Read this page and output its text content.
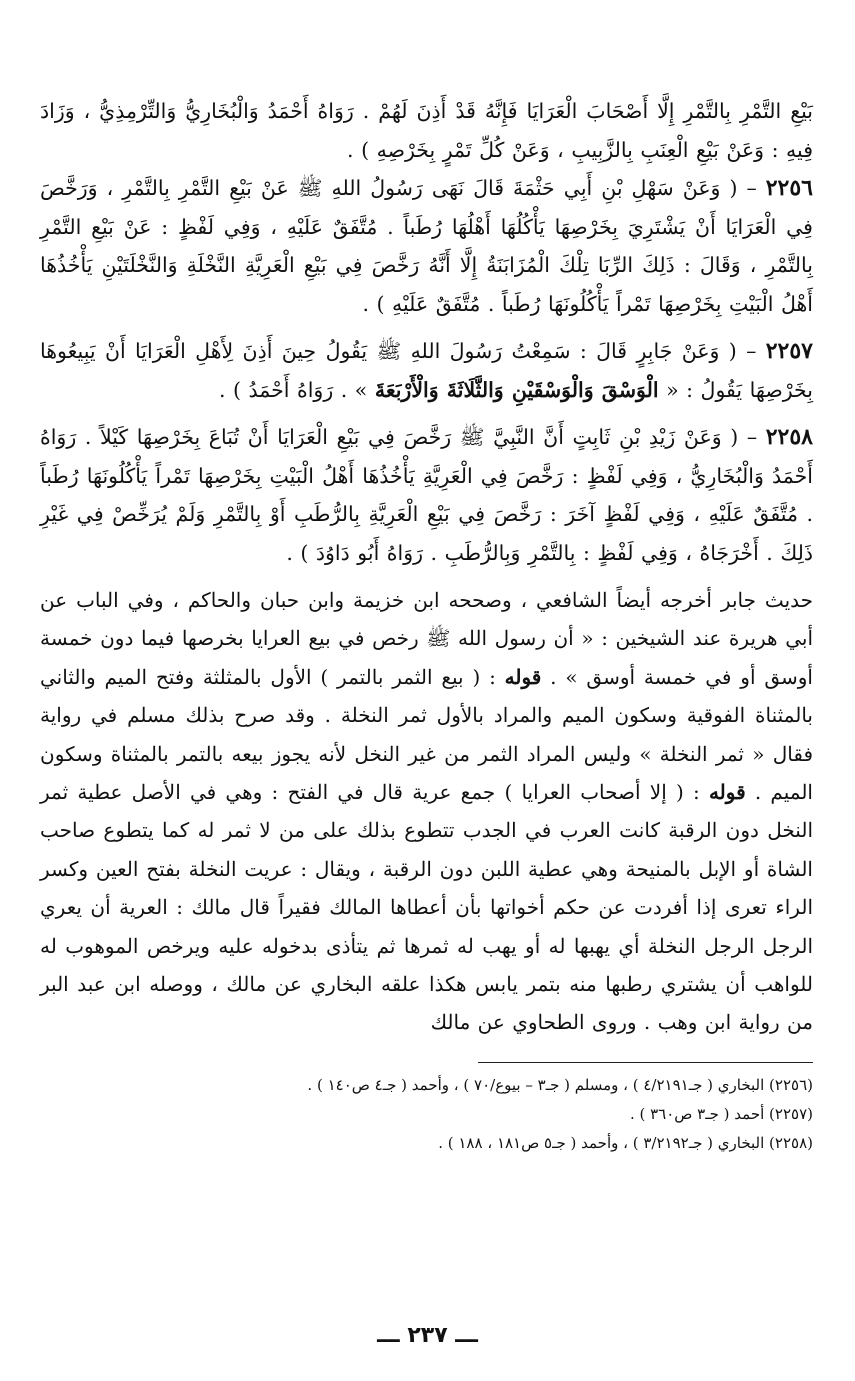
بَيْعِ التَّمْرِ بِالتَّمْرِ إِلَّا أَصْحَابَ الْعَرَايَا فَإِنَّهُ قَدْ أَذِنَ لَهُمْ . رَوَاهُ أَحْمَدُ وَالْبُخَارِيُّ وَالتِّرْمِذِيُّ ، وَزَادَ فِيهِ : وَعَنْ بَيْعِ الْعِنَبِ بِالزَّبِيبِ ، وَعَنْ كُلِّ تَمْرٍ بِخَرْصِهِ ) .

٢٢٥٦ – ( وَعَنْ سَهْلِ بْنِ أَبِي حَثْمَةَ قَالَ نَهَى رَسُولُ اللهِ ﷺ عَنْ بَيْعِ التَّمْرِ بِالتَّمْرِ ، وَرَخَّصَ فِي الْعَرَايَا أَنْ يَشْتَرِيَ بِخَرْصِهَا يَأْكُلُهَا أَهْلُهَا رُطَباً . مُتَّفَقٌ عَلَيْهِ ، وَفِي لَفْظٍ : عَنْ بَيْعِ التَّمْرِ بِالتَّمْرِ ، وَقَالَ : ذَلِكَ الرِّبَا تِلْكَ الْمُزَابَنَةُ إِلَّا أَنَّهُ رَخَّصَ فِي بَيْعِ الْعَرِيَّةِ النَّخْلَةِ وَالنَّخْلَتَيْنِ يَأْخُذُهَا أَهْلُ الْبَيْتِ بِخَرْصِهَا تَمْراً يَأْكُلُونَهَا رُطَباً . مُتَّفَقٌ عَلَيْهِ ) .

٢٢٥٧ – ( وَعَنْ جَابِرٍ قَالَ : سَمِعْتُ رَسُولَ اللهِ ﷺ يَقُولُ حِينَ أَذِنَ لِأَهْلِ الْعَرَايَا أَنْ يَبِيعُوهَا بِخَرْصِهَا يَقُولُ : « الْوَسْقَ وَالْوَسْقَيْنِ وَالثَّلَاثَةَ وَالْأَرْبَعَةَ » . رَوَاهُ أَحْمَدُ ) .

٢٢٥٨ – ( وَعَنْ زَيْدِ بْنِ ثَابِتٍ أَنَّ النَّبِيَّ ﷺ رَخَّصَ فِي بَيْعِ الْعَرَايَا أَنْ تُبَاعَ بِخَرْصِهَا كَيْلاً . رَوَاهُ أَحْمَدُ وَالْبُخَارِيُّ ، وَفِي لَفْظٍ : رَخَّصَ فِي الْعَرِيَّةِ يَأْخُذُهَا أَهْلُ الْبَيْتِ بِخَرْصِهَا تَمْراً يَأْكُلُونَهَا رُطَباً . مُتَّفَقٌ عَلَيْهِ ، وَفِي لَفْظٍ آخَرَ : رَخَّصَ فِي بَيْعِ الْعَرِيَّةِ بِالرُّطَبِ أَوْ بِالتَّمْرِ وَلَمْ يُرَخِّصْ فِي غَيْرِ ذَلِكَ . أَخْرَجَاهُ ، وَفِي لَفْظٍ : بِالتَّمْرِ وَبِالرُّطَبِ . رَوَاهُ أَبُو دَاوُدَ ) .

حديث جابر أخرجه أيضاً الشافعي ، وصححه ابن خزيمة وابن حبان والحاكم ، وفي الباب عن أبي هريرة عند الشيخين : « أن رسول الله ﷺ رخص في بيع العرايا بخرصها فيما دون خمسة أوسق أو في خمسة أوسق » . قوله : ( بيع الثمر بالتمر ) الأول بالمثلثة وفتح الميم والثاني بالمثناة الفوقية وسكون الميم والمراد بالأول ثمر النخلة . وقد صرح بذلك مسلم في رواية فقال « ثمر النخلة » وليس المراد الثمر من غير النخل لأنه يجوز بيعه بالتمر بالمثناة وسكون الميم . قوله : ( إلا أصحاب العرايا ) جمع عرية قال في الفتح : وهي في الأصل عطية ثمر النخل دون الرقبة كانت العرب في الجدب تتطوع بذلك على من لا ثمر له كما يتطوع صاحب الشاة أو الإبل بالمنيحة وهي عطية اللبن دون الرقبة ، ويقال : عريت النخلة بفتح العين وكسر الراء تعرى إذا أفردت عن حكم أخواتها بأن أعطاها المالك فقيراً قال مالك : العرية أن يعري الرجل الرجل النخلة أي يهبها له أو يهب له ثمرها ثم يتأذى بدخوله عليه ويرخص الموهوب له للواهب أن يشتري رطبها منه بتمر يابس هكذا علقه البخاري عن مالك ، ووصله ابن عبد البر من رواية ابن وهب . وروى الطحاوي عن مالك

(٢٢٥٦) البخاري ( جـ٤/٢١٩١ ) ، ومسلم ( جـ٣ – بيوع/٧٠ ) ، وأحمد ( جـ٤ ص١٤٠ ) .

(٢٢٥٧) أحمد ( جـ٣ ص٣٦٠ ) .

(٢٢٥٨) البخاري ( جـ٣/٢١٩٢ ) ، وأحمد ( جـ٥ ص١٨١ ، ١٨٨ ) .

ـــ ٢٣٧ ـــ
